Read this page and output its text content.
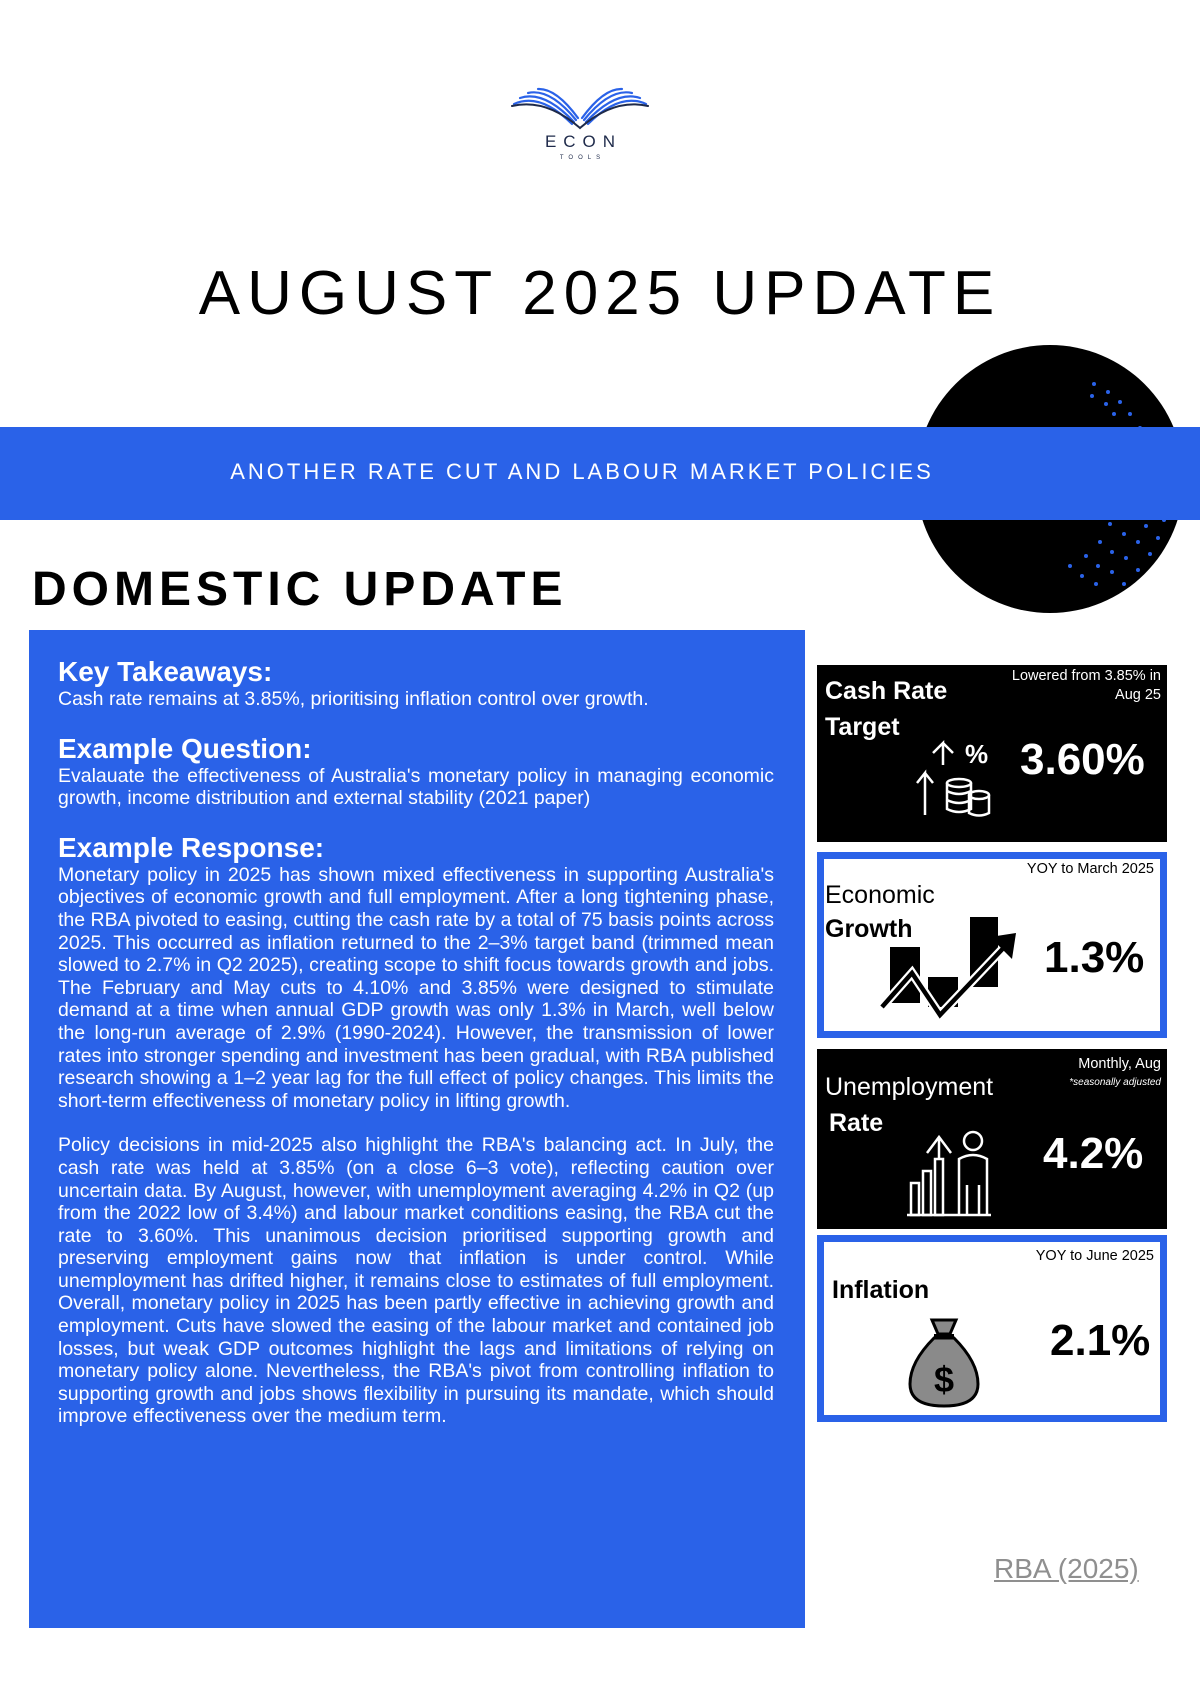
ECON
TOOLS
AUGUST 2025 UPDATE
ANOTHER RATE CUT AND LABOUR MARKET POLICIES
DOMESTIC UPDATE
Key Takeaways:
Cash rate remains at 3.85%, prioritising inflation control over growth.
Example Question:
Evalauate the effectiveness of Australia's monetary policy in managing economic growth, income distribution and external stability (2021 paper)
Example Response:
Monetary policy in 2025 has shown mixed effectiveness in supporting Australia's objectives of economic growth and full employment. After a long tightening phase, the RBA pivoted to easing, cutting the cash rate by a total of 75 basis points across 2025. This occurred as inflation returned to the 2–3% target band (trimmed mean slowed to 2.7% in Q2 2025), creating scope to shift focus towards growth and jobs. The February and May cuts to 4.10% and 3.85% were designed to stimulate demand at a time when annual GDP growth was only 1.3% in March, well below the long-run average of 2.9% (1990-2024). However, the transmission of lower rates into stronger spending and investment has been gradual, with RBA published research showing a 1–2 year lag for the full effect of policy changes. This limits the short-term effectiveness of monetary policy in lifting growth.
Policy decisions in mid-2025 also highlight the RBA's balancing act. In July, the cash rate was held at 3.85% (on a close 6–3 vote), reflecting caution over uncertain data. By August, however, with unemployment averaging 4.2% in Q2 (up from the 2022 low of 3.4%) and labour market conditions easing, the RBA cut the rate to 3.60%. This unanimous decision prioritised supporting growth and preserving employment gains now that inflation is under control. While unemployment has drifted higher, it remains close to estimates of full employment. Overall, monetary policy in 2025 has been partly effective in achieving growth and employment. Cuts have slowed the easing of the labour market and contained job losses, but weak GDP outcomes highlight the lags and limitations of relying on monetary policy alone. Nevertheless, the RBA's pivot from controlling inflation to supporting growth and jobs shows flexibility in pursuing its mandate, which should improve effectiveness over the medium term.
Cash Rate
Target
Lowered from 3.85% in
Aug 25
% 3.60%
Economic
Growth
YOY to March 2025
1.3%
Unemployment
Rate
Monthly, Aug
*seasonally adjusted
4.2%
Inflation
YOY to June 2025
$
2.1%
RBA (2025)
